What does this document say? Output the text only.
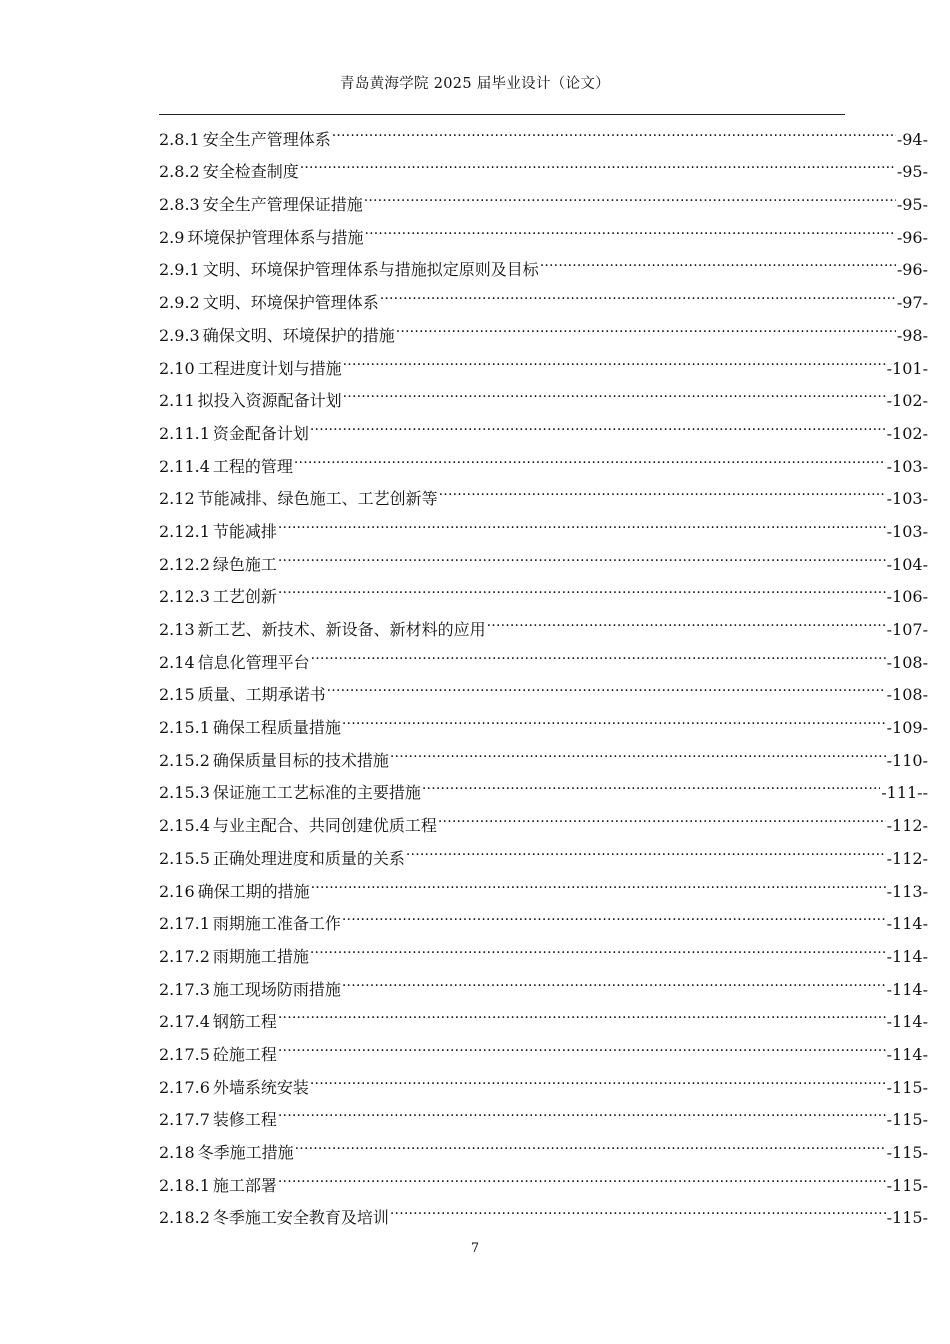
青岛黄海学院 2025 届毕业设计（论文）
2.8.1 安全生产管理体系 .....	-94-
2.8.2 安全检查制度 .....	-95-
2.8.3 安全生产管理保证措施 .....	-95-
2.9 环境保护管理体系与措施 .....	-96-
2.9.1 文明、环境保护管理体系与措施拟定原则及目标 .....	-96-
2.9.2 文明、环境保护管理体系 .....	-97-
2.9.3 确保文明、环境保护的措施 .....	-98-
2.10 工程进度计划与措施 .....	-101-
2.11 拟投入资源配备计划 .....	-102-
2.11.1 资金配备计划 .....	-102-
2.11.4 工程的管理 .....	-103-
2.12 节能减排、绿色施工、工艺创新等 .....	-103-
2.12.1 节能减排 .....	-103-
2.12.2 绿色施工 .....	-104-
2.12.3 工艺创新 .....	-106-
2.13 新工艺、新技术、新设备、新材料的应用 .....	-107-
2.14 信息化管理平台 .....	-108-
2.15 质量、工期承诺书 .....	-108-
2.15.1 确保工程质量措施 .....	-109-
2.15.2 确保质量目标的技术措施 .....	-110-
2.15.3 保证施工工艺标准的主要措施 .....	-111--
2.15.4 与业主配合、共同创建优质工程 .....	-112-
2.15.5 正确处理进度和质量的关系 .....	-112-
2.16 确保工期的措施 .....	-113-
2.17.1 雨期施工准备工作 .....	-114-
2.17.2 雨期施工措施 .....	-114-
2.17.3 施工现场防雨措施 .....	-114-
2.17.4 钢筋工程 .....	-114-
2.17.5 砼施工程 .....	-114-
2.17.6 外墙系统安装 .....	-115-
2.17.7 装修工程 .....	-115-
2.18 冬季施工措施 .....	-115-
2.18.1 施工部署 .....	-115-
2.18.2 冬季施工安全教育及培训 .....	-115-
7
